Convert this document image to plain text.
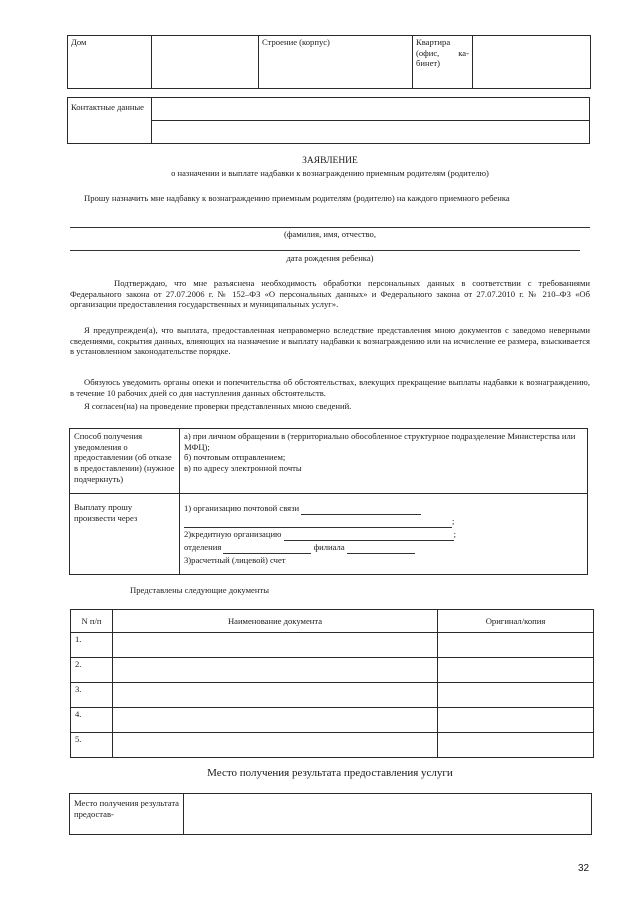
Дом		Строение (корпус)	Квартира (офис, ка-бинет)	
Контактные данные	

ЗАЯВЛЕНИЕ
о назначении и выплате надбавки к вознаграждению приемным родителям (родителю)
Прошу назначить мне надбавку к вознаграждению приемным родителям (родителю) на каждого приемного ребенка
(фамилия, имя, отчество,
дата рождения ребенка)
Подтверждаю, что мне разъяснена необходимость обработки персональных данных в соответствии с требованиями Федерального закона от 27.07.2006 г. № 152–ФЗ «О персональных данных» и Федерального закона от 27.07.2010 г. № 210–ФЗ «Об организации предоставления государственных и муниципальных услуг».
Я предупрежден(а), что выплата, предоставленная неправомерно вследствие представления мною документов с заведомо неверными сведениями, сокрытия данных, влияющих на назначение и выплату надбавки к вознаграждению или на исчисление ее размера, взыскивается в установленном законодательстве порядке.
Обязуюсь уведомить органы опеки и попечительства об обстоятельствах, влекущих прекращение выплаты надбавки к вознаграждению, в течение 10 рабочих дней со дня наступления данных обстоятельств.
Я согласен(на) на проведение проверки представленных мною сведений.
Способ получения уведомления о предоставлении (об отказе в предоставлении) (нужное подчеркнуть)	а) при личном обращении в (территориально обособленное структурное подразделение Министерства или МФЦ);
б) почтовым отправлением;
в) по адресу электронной почты

Выплату прошу произвести через	1) организацию почтовой связи
;
2)кредитную организацию ;
отделения филиала
3)расчетный (лицевой) счет
Представлены следующие документы
N п/п	Наименование документа	Оригинал/копия
1.		
2.		
3.		
4.		
5.		
Место получения результата предоставления услуги
Место получения результата предостав-	
32
